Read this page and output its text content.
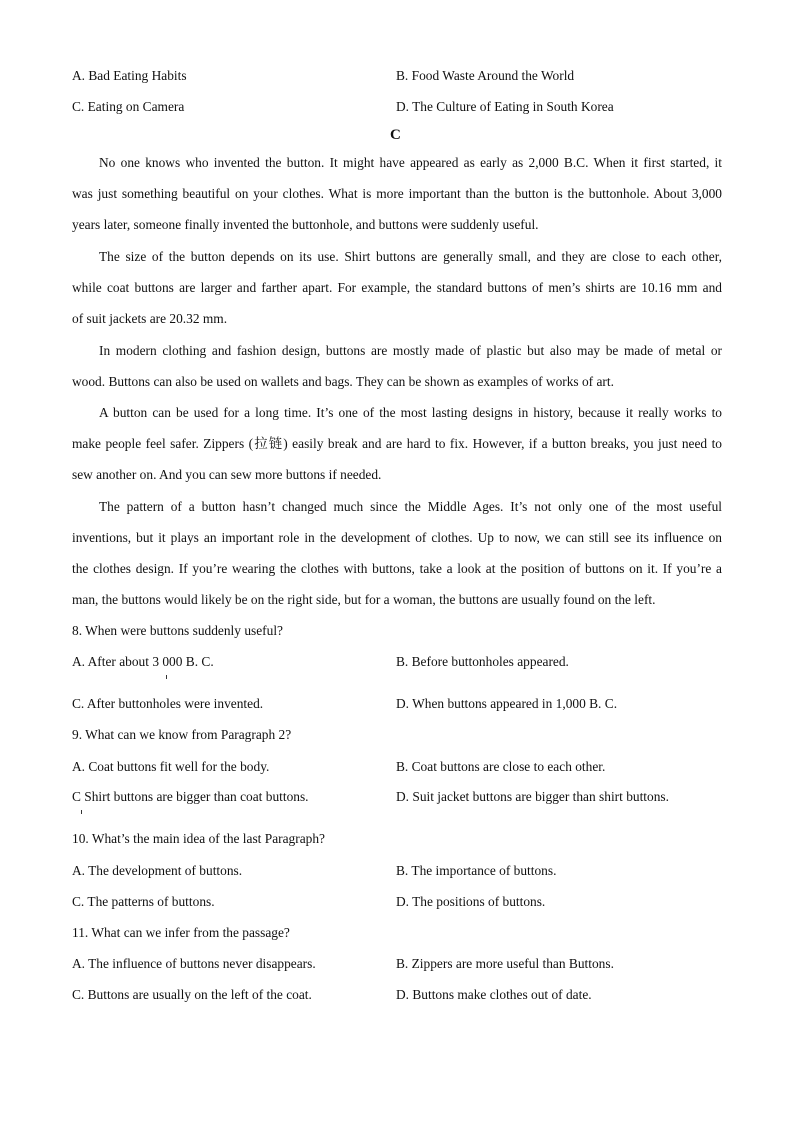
A. Bad Eating Habits	B. Food Waste Around the World
C. Eating on Camera	D. The Culture of Eating in South Korea
C
No one knows who invented the button. It might have appeared as early as 2,000 B.C. When it first started, it
was just something beautiful on your clothes. What is more important than the button is the buttonhole. About 3,000
years later, someone finally invented the buttonhole, and buttons were suddenly useful.
The size of the button depends on its use. Shirt buttons are generally small, and they are close to each other,
while coat buttons are larger and farther apart. For example, the standard buttons of men’s shirts are 10.16 mm and
of suit jackets are 20.32 mm.
In modern clothing and fashion design, buttons are mostly made of plastic but also may be made of metal or
wood. Buttons can also be used on wallets and bags. They can be shown as examples of works of art.
A button can be used for a long time. It’s one of the most lasting designs in history, because it really works to
make people feel safer. Zippers (拉链) easily break and are hard to fix. However, if a button breaks, you just need to
sew another on. And you can sew more buttons if needed.
The pattern of a button hasn’t changed much since the Middle Ages. It’s not only one of the most useful
inventions, but it plays an important role in the development of clothes. Up to now, we can still see its influence on
the clothes design. If you’re wearing the clothes with buttons, take a look at the position of buttons on it. If you’re a
man, the buttons would likely be on the right side, but for a woman, the buttons are usually found on the left.
8. When were buttons suddenly useful?
A. After about 3 000 B. C.	B. Before buttonholes appeared.
C. After buttonholes were invented.	D. When buttons appeared in 1,000 B. C.
9. What can we know from Paragraph 2?
A. Coat buttons fit well for the body.	B. Coat buttons are close to each other.
C Shirt buttons are bigger than coat buttons.	D. Suit jacket buttons are bigger than shirt buttons.
10. What’s the main idea of the last Paragraph?
A. The development of buttons.	B. The importance of buttons.
C. The patterns of buttons.	D. The positions of buttons.
11. What can we infer from the passage?
A. The influence of buttons never disappears.	B. Zippers are more useful than Buttons.
C. Buttons are usually on the left of the coat.	D. Buttons make clothes out of date.
